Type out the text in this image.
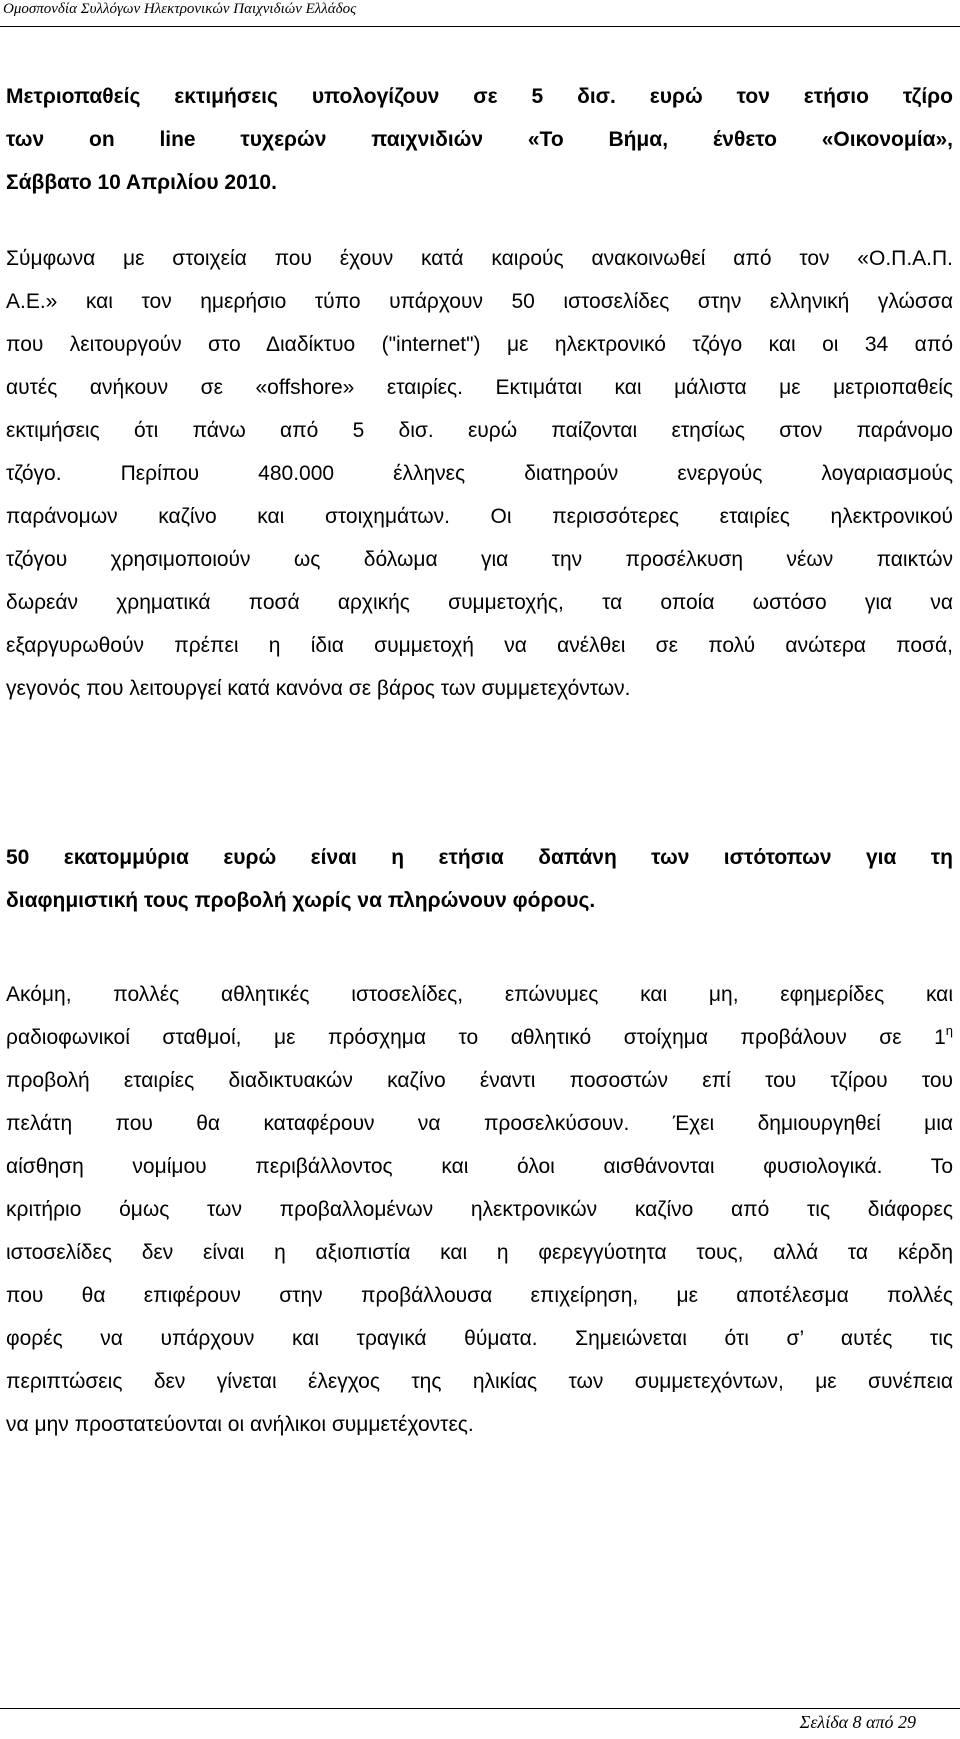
Ομοσπονδία Συλλόγων Ηλεκτρονικών Παιχνιδιών Ελλάδος
Μετριοπαθείς εκτιμήσεις υπολογίζουν σε 5 δισ. ευρώ τον ετήσιο τζίρο
των on line τυχερών παιχνιδιών «Το Βήμα, ένθετο «Οικονομία»,
Σάββατο 10 Απριλίου 2010.
Σύμφωνα με στοιχεία που έχουν κατά καιρούς ανακοινωθεί από τον «Ο.Π.Α.Π.
Α.Ε.» και τον ημερήσιο τύπο υπάρχουν 50 ιστοσελίδες στην ελληνική γλώσσα
που λειτουργούν στο Διαδίκτυο ("internet") με ηλεκτρονικό τζόγο και οι 34 από
αυτές ανήκουν σε «offshore» εταιρίες. Εκτιμάται και μάλιστα με μετριοπαθείς
εκτιμήσεις ότι πάνω από 5 δισ. ευρώ παίζονται ετησίως στον παράνομο
τζόγο. Περίπου 480.000 έλληνες διατηρούν ενεργούς λογαριασμούς
παράνομων καζίνο και στοιχημάτων. Οι περισσότερες εταιρίες ηλεκτρονικού
τζόγου χρησιμοποιούν ως δόλωμα για την προσέλκυση νέων παικτών
δωρεάν χρηματικά ποσά αρχικής συμμετοχής, τα οποία ωστόσο για να
εξαργυρωθούν πρέπει η ίδια συμμετοχή να ανέλθει σε πολύ ανώτερα ποσά,
γεγονός που λειτουργεί κατά κανόνα σε βάρος των συμμετεχόντων.
50 εκατομμύρια ευρώ είναι η ετήσια δαπάνη των ιστότοπων για τη
διαφημιστική τους προβολή χωρίς να πληρώνουν φόρους.
Ακόμη, πολλές αθλητικές ιστοσελίδες, επώνυμες και μη, εφημερίδες και
ραδιοφωνικοί σταθμοί, με πρόσχημα το αθλητικό στοίχημα προβάλουν σε $1^\eta$
προβολή εταιρίες διαδικτυακών καζίνο έναντι ποσοστών επί του τζίρου του
πελάτη που θα καταφέρουν να προσελκύσουν. Έχει δημιουργηθεί μια
αίσθηση νομίμου περιβάλλοντος και όλοι αισθάνονται φυσιολογικά. Το
κριτήριο όμως των προβαλλομένων ηλεκτρονικών καζίνο από τις διάφορες
ιστοσελίδες δεν είναι η αξιοπιστία και η φερεγγύοτητα τους, αλλά τα κέρδη
που θα επιφέρουν στην προβάλλουσα επιχείρηση, με αποτέλεσμα πολλές
φορές να υπάρχουν και τραγικά θύματα. Σημειώνεται ότι σ’ αυτές τις
περιπτώσεις δεν γίνεται έλεγχος της ηλικίας των συμμετεχόντων, με συνέπεια
να μην προστατεύονται οι ανήλικοι συμμετέχοντες.
Σελίδα 8 από 29
